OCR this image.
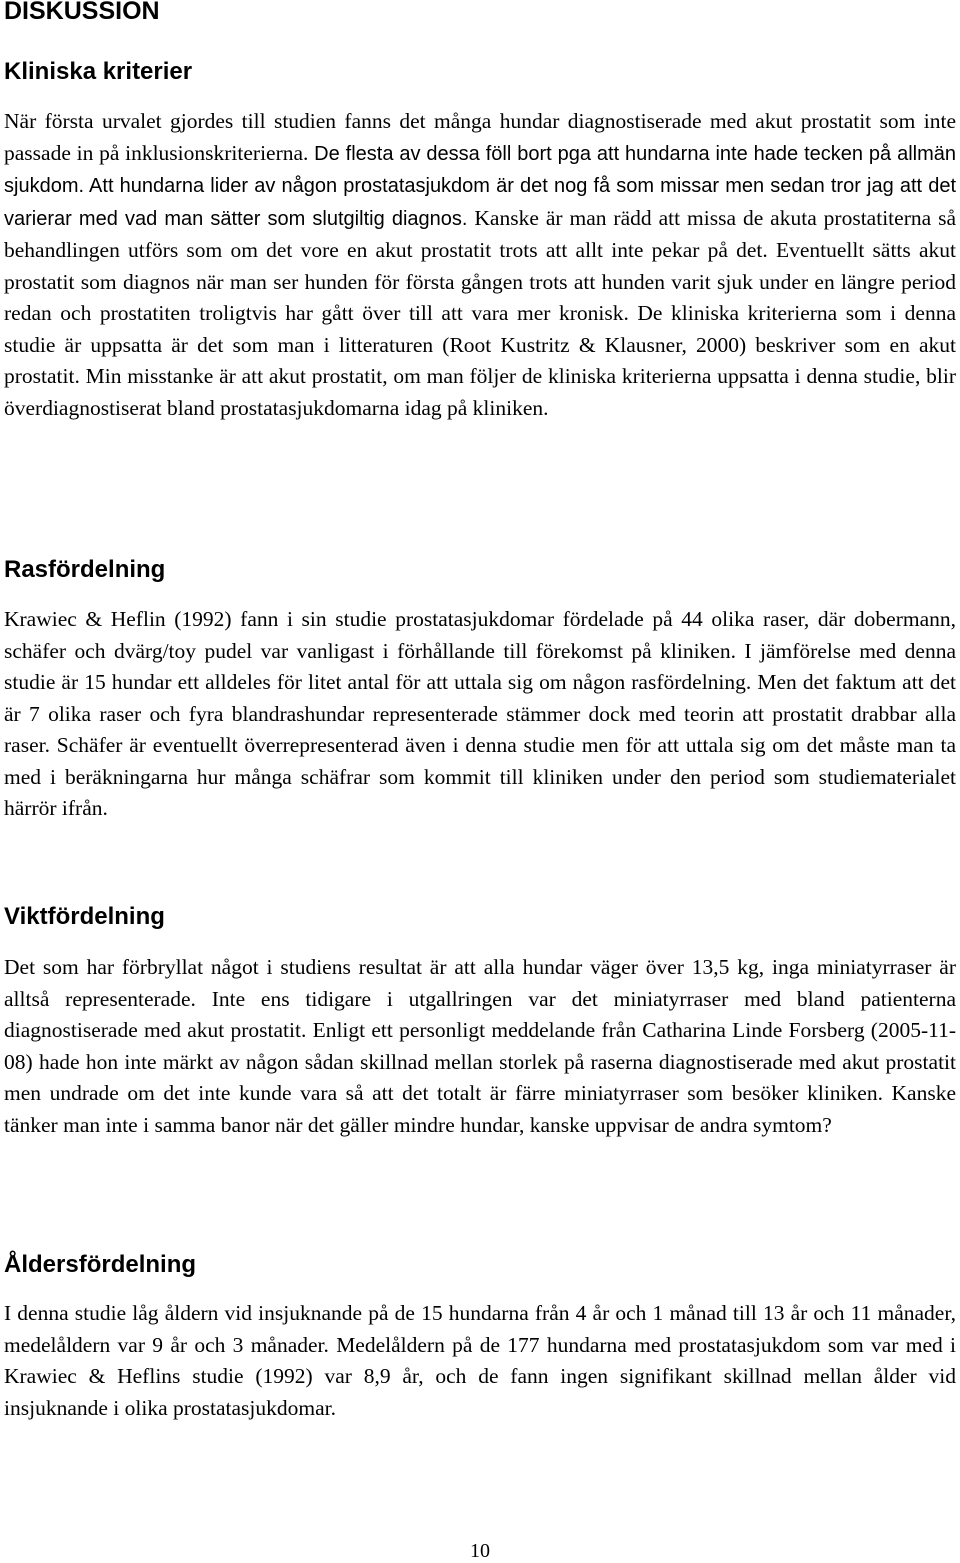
DISKUSSION
Kliniska kriterier

När första urvalet gjordes till studien fanns det många hundar diagnostiserade med akut prostatit som inte passade in på inklusionskriterierna. De flesta av dessa föll bort pga att hundarna inte hade tecken på allmän sjukdom. Att hundarna lider av någon prostatasjukdom är det nog få som missar men sedan tror jag att det varierar med vad man sätter som slutgiltig diagnos. Kanske är man rädd att missa de akuta prostatiterna så behandlingen utförs som om det vore en akut prostatit trots att allt inte pekar på det. Eventuellt sätts akut prostatit som diagnos när man ser hunden för första gången trots att hunden varit sjuk under en längre period redan och prostatiten troligtvis har gått över till att vara mer kronisk. De kliniska kriterierna som i denna studie är uppsatta är det som man i litteraturen (Root Kustritz & Klausner, 2000) beskriver som en akut prostatit. Min misstanke är att akut prostatit, om man följer de kliniska kriterierna uppsatta i denna studie, blir överdiagnostiserat bland prostatasjukdomarna idag på kliniken.

Rasfördelning

Krawiec & Heflin (1992) fann i sin studie prostatasjukdomar fördelade på 44 olika raser, där dobermann, schäfer och dvärg/toy pudel var vanligast i förhållande till förekomst på kliniken. I jämförelse med denna studie är 15 hundar ett alldeles för litet antal för att uttala sig om någon rasfördelning. Men det faktum att det är 7 olika raser och fyra blandrashundar representerade stämmer dock med teorin att prostatit drabbar alla raser. Schäfer är eventuellt överrepresenterad även i denna studie men för att uttala sig om det måste man ta med i beräkningarna hur många schäfrar som kommit till kliniken under den period som studiematerialet härrör ifrån.

Viktfördelning

Det som har förbryllat något i studiens resultat är att alla hundar väger över 13,5 kg, inga miniatyrraser är alltså representerade. Inte ens tidigare i utgallringen var det miniatyrraser med bland patienterna diagnostiserade med akut prostatit. Enligt ett personligt meddelande från Catharina Linde Forsberg (2005-11-08) hade hon inte märkt av någon sådan skillnad mellan storlek på raserna diagnostiserade med akut prostatit men undrade om det inte kunde vara så att det totalt är färre miniatyrraser som besöker kliniken. Kanske tänker man inte i samma banor när det gäller mindre hundar, kanske uppvisar de andra symtom?

Åldersfördelning

I denna studie låg åldern vid insjuknande på de 15 hundarna från 4 år och 1 månad till 13 år och 11 månader, medelåldern var 9 år och 3 månader. Medelåldern på de 177 hundarna med prostatasjukdom som var med i Krawiec & Heflins studie (1992) var 8,9 år, och de fann ingen signifikant skillnad mellan ålder vid insjuknande i olika prostatasjukdomar.

10
